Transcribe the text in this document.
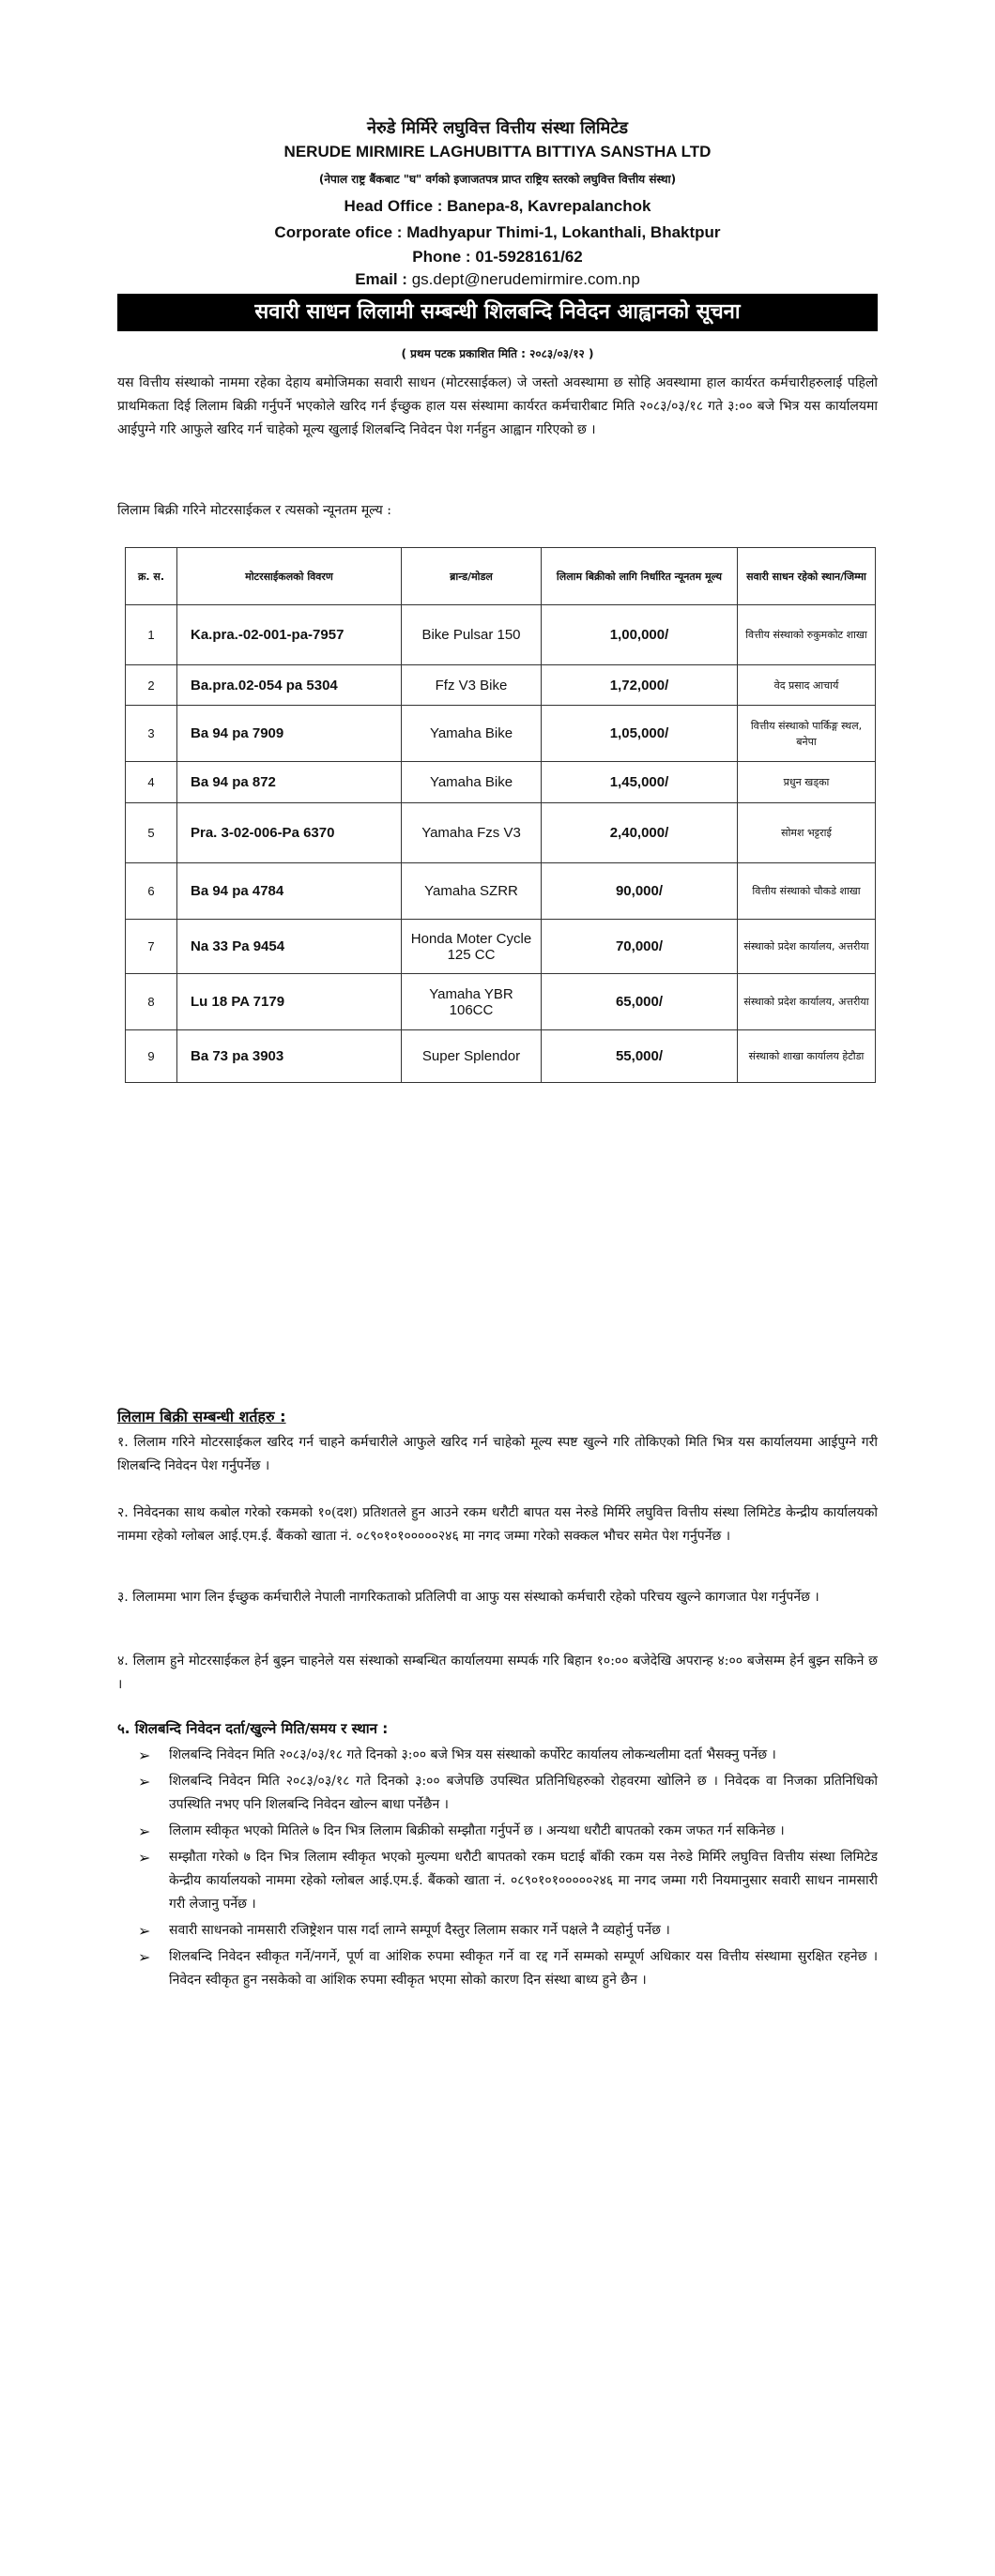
नेरुडे मिर्मिरे लघुवित्त वित्तीय संस्था लिमिटेड
NERUDE MIRMIRE LAGHUBITTA BITTIYA SANSTHA LTD
(नेपाल राष्ट्र बैंकबाट "घ" वर्गको इजाजतपत्र प्राप्त राष्ट्रिय स्तरको लघुवित्त वित्तीय संस्था)
Head Office : Banepa-8, Kavrepalanchok
Corporate ofice : Madhyapur Thimi-1, Lokanthali, Bhaktpur
Phone : 01-5928161/62
Email : gs.dept@nerudemirmire.com.np
सवारी साधन लिलामी सम्बन्धी शिलबन्दि निवेदन आह्वानको सूचना
( प्रथम पटक प्रकाशित मिति : २०८३/०३/१२ )
यस वित्तीय संस्थाको नाममा रहेका देहाय बमोजिमका सवारी साधन (मोटरसाईकल) जे जस्तो अवस्थामा छ सोहि अवस्थामा हाल कार्यरत कर्मचारीहरुलाई पहिलो प्राथमिकता दिई लिलाम बिक्री गर्नुपर्ने भएकोले खरिद गर्न ईच्छुक हाल यस संस्थामा कार्यरत कर्मचारीबाट मिति २०८३/०३/१८ गते ३:०० बजे भित्र यस कार्यालयमा आईपुग्ने गरि आफुले खरिद गर्न चाहेको मूल्य खुलाई शिलबन्दि निवेदन पेश गर्नहुन आह्वान गरिएको छ ।
लिलाम बिक्री गरिने मोटरसाईकल र त्यसको न्यूनतम मूल्य :
क्र. स.	मोटरसाईकलको विवरण	ब्रान्ड/मोडल	लिलाम बिक्रीको लागि निर्धारित न्यूनतम मूल्य	सवारी साधन रहेको स्थान/जिम्मा
1	Ka.pra.-02-001-pa-7957	Bike Pulsar 150	1,00,000/	वित्तीय संस्थाको रुकुमकोट शाखा
2	Ba.pra.02-054 pa 5304	Ffz V3 Bike	1,72,000/	वेद प्रसाद आचार्य
3	Ba 94 pa 7909	Yamaha Bike	1,05,000/	वित्तीय संस्थाको पार्किङ्ग स्थल, बनेपा
4	Ba 94 pa 872	Yamaha Bike	1,45,000/	प्रधुन खड्का
5	Pra. 3-02-006-Pa 6370	Yamaha Fzs V3	2,40,000/	सोमश भट्टराई
6	Ba 94 pa 4784	Yamaha SZRR	90,000/	वित्तीय संस्थाको चौकडे शाखा
7	Na 33 Pa 9454	Honda Moter Cycle 125 CC	70,000/	संस्थाको प्रदेश कार्यालय, अत्तरीया
8	Lu 18 PA 7179	Yamaha YBR 106CC	65,000/	संस्थाको प्रदेश कार्यालय, अत्तरीया
9	Ba 73 pa 3903	Super Splendor	55,000/	संस्थाको शाखा कार्यालय हेटौडा
लिलाम बिक्री सम्बन्धी शर्तहरु :
१. लिलाम गरिने मोटरसाईकल खरिद गर्न चाहने कर्मचारीले आफुले खरिद गर्न चाहेको मूल्य स्पष्ट खुल्ने गरि तोकिएको मिति भित्र यस कार्यालयमा आईपुग्ने गरी शिलबन्दि निवेदन पेश गर्नुपर्नेछ ।
२. निवेदनका साथ कबोल गरेको रकमको १०(दश) प्रतिशतले हुन आउने रकम धरौटी बापत यस नेरुडे मिर्मिरे लघुवित्त वित्तीय संस्था लिमिटेड केन्द्रीय कार्यालयको नाममा रहेको ग्लोबल आई.एम.ई. बैंकको खाता नं. ०८९०१०१०००००२४६ मा नगद जम्मा गरेको सक्कल भौचर समेत पेश गर्नुपर्नेछ ।
३. लिलाममा भाग लिन ईच्छुक कर्मचारीले नेपाली नागरिकताको प्रतिलिपी वा आफु यस संस्थाको कर्मचारी रहेको परिचय खुल्ने कागजात पेश गर्नुपर्नेछ ।
४. लिलाम हुने मोटरसाईकल हेर्न बुझ्न चाहनेले यस संस्थाको सम्बन्धित कार्यालयमा सम्पर्क गरि बिहान १०:०० बजेदेखि अपरान्ह ४:०० बजेसम्म हेर्न बुझ्न सकिने छ ।
५. शिलबन्दि निवेदन दर्ता/खुल्ने मिति/समय र स्थान :
➢ शिलबन्दि निवेदन मिति २०८३/०३/१८ गते दिनको ३:०० बजे भित्र यस संस्थाको कर्पोरेट कार्यालय लोकन्थलीमा दर्ता भैसक्नु पर्नेछ ।
➢ शिलबन्दि निवेदन मिति २०८३/०३/१८ गते दिनको ३:०० बजेपछि उपस्थित प्रतिनिधिहरुको रोहवरमा खोलिने छ । निवेदक वा निजका प्रतिनिधिको उपस्थिति नभए पनि शिलबन्दि निवेदन खोल्न बाधा पर्नेछैन ।
➢ लिलाम स्वीकृत भएको मितिले ७ दिन भित्र लिलाम बिक्रीको सम्झौता गर्नुपर्ने छ । अन्यथा धरौटी बापतको रकम जफत गर्न सकिनेछ ।
➢ सम्झौता गरेको ७ दिन भित्र लिलाम स्वीकृत भएको मुल्यमा धरौटी बापतको रकम घटाई बाँकी रकम यस नेरुडे मिर्मिरे लघुवित्त वित्तीय संस्था लिमिटेड केन्द्रीय कार्यालयको नाममा रहेको ग्लोबल आई.एम.ई. बैंकको खाता नं. ०८९०१०१०००००२४६ मा नगद जम्मा गरी नियमानुसार सवारी साधन नामसारी गरी लेजानु पर्नेछ ।
➢ सवारी साधनको नामसारी रजिष्ट्रेशन पास गर्दा लाग्ने सम्पूर्ण दैस्तुर लिलाम सकार गर्ने पक्षले नै व्यहोर्नु पर्नेछ ।
➢ शिलबन्दि निवेदन स्वीकृत गर्ने/नगर्ने, पूर्ण वा आंशिक रुपमा स्वीकृत गर्ने वा रद्द गर्ने सम्मको सम्पूर्ण अधिकार यस वित्तीय संस्थामा सुरक्षित रहनेछ । निवेदन स्वीकृत हुन नसकेको वा आंशिक रुपमा स्वीकृत भएमा सोको कारण दिन संस्था बाध्य हुने छैन ।
